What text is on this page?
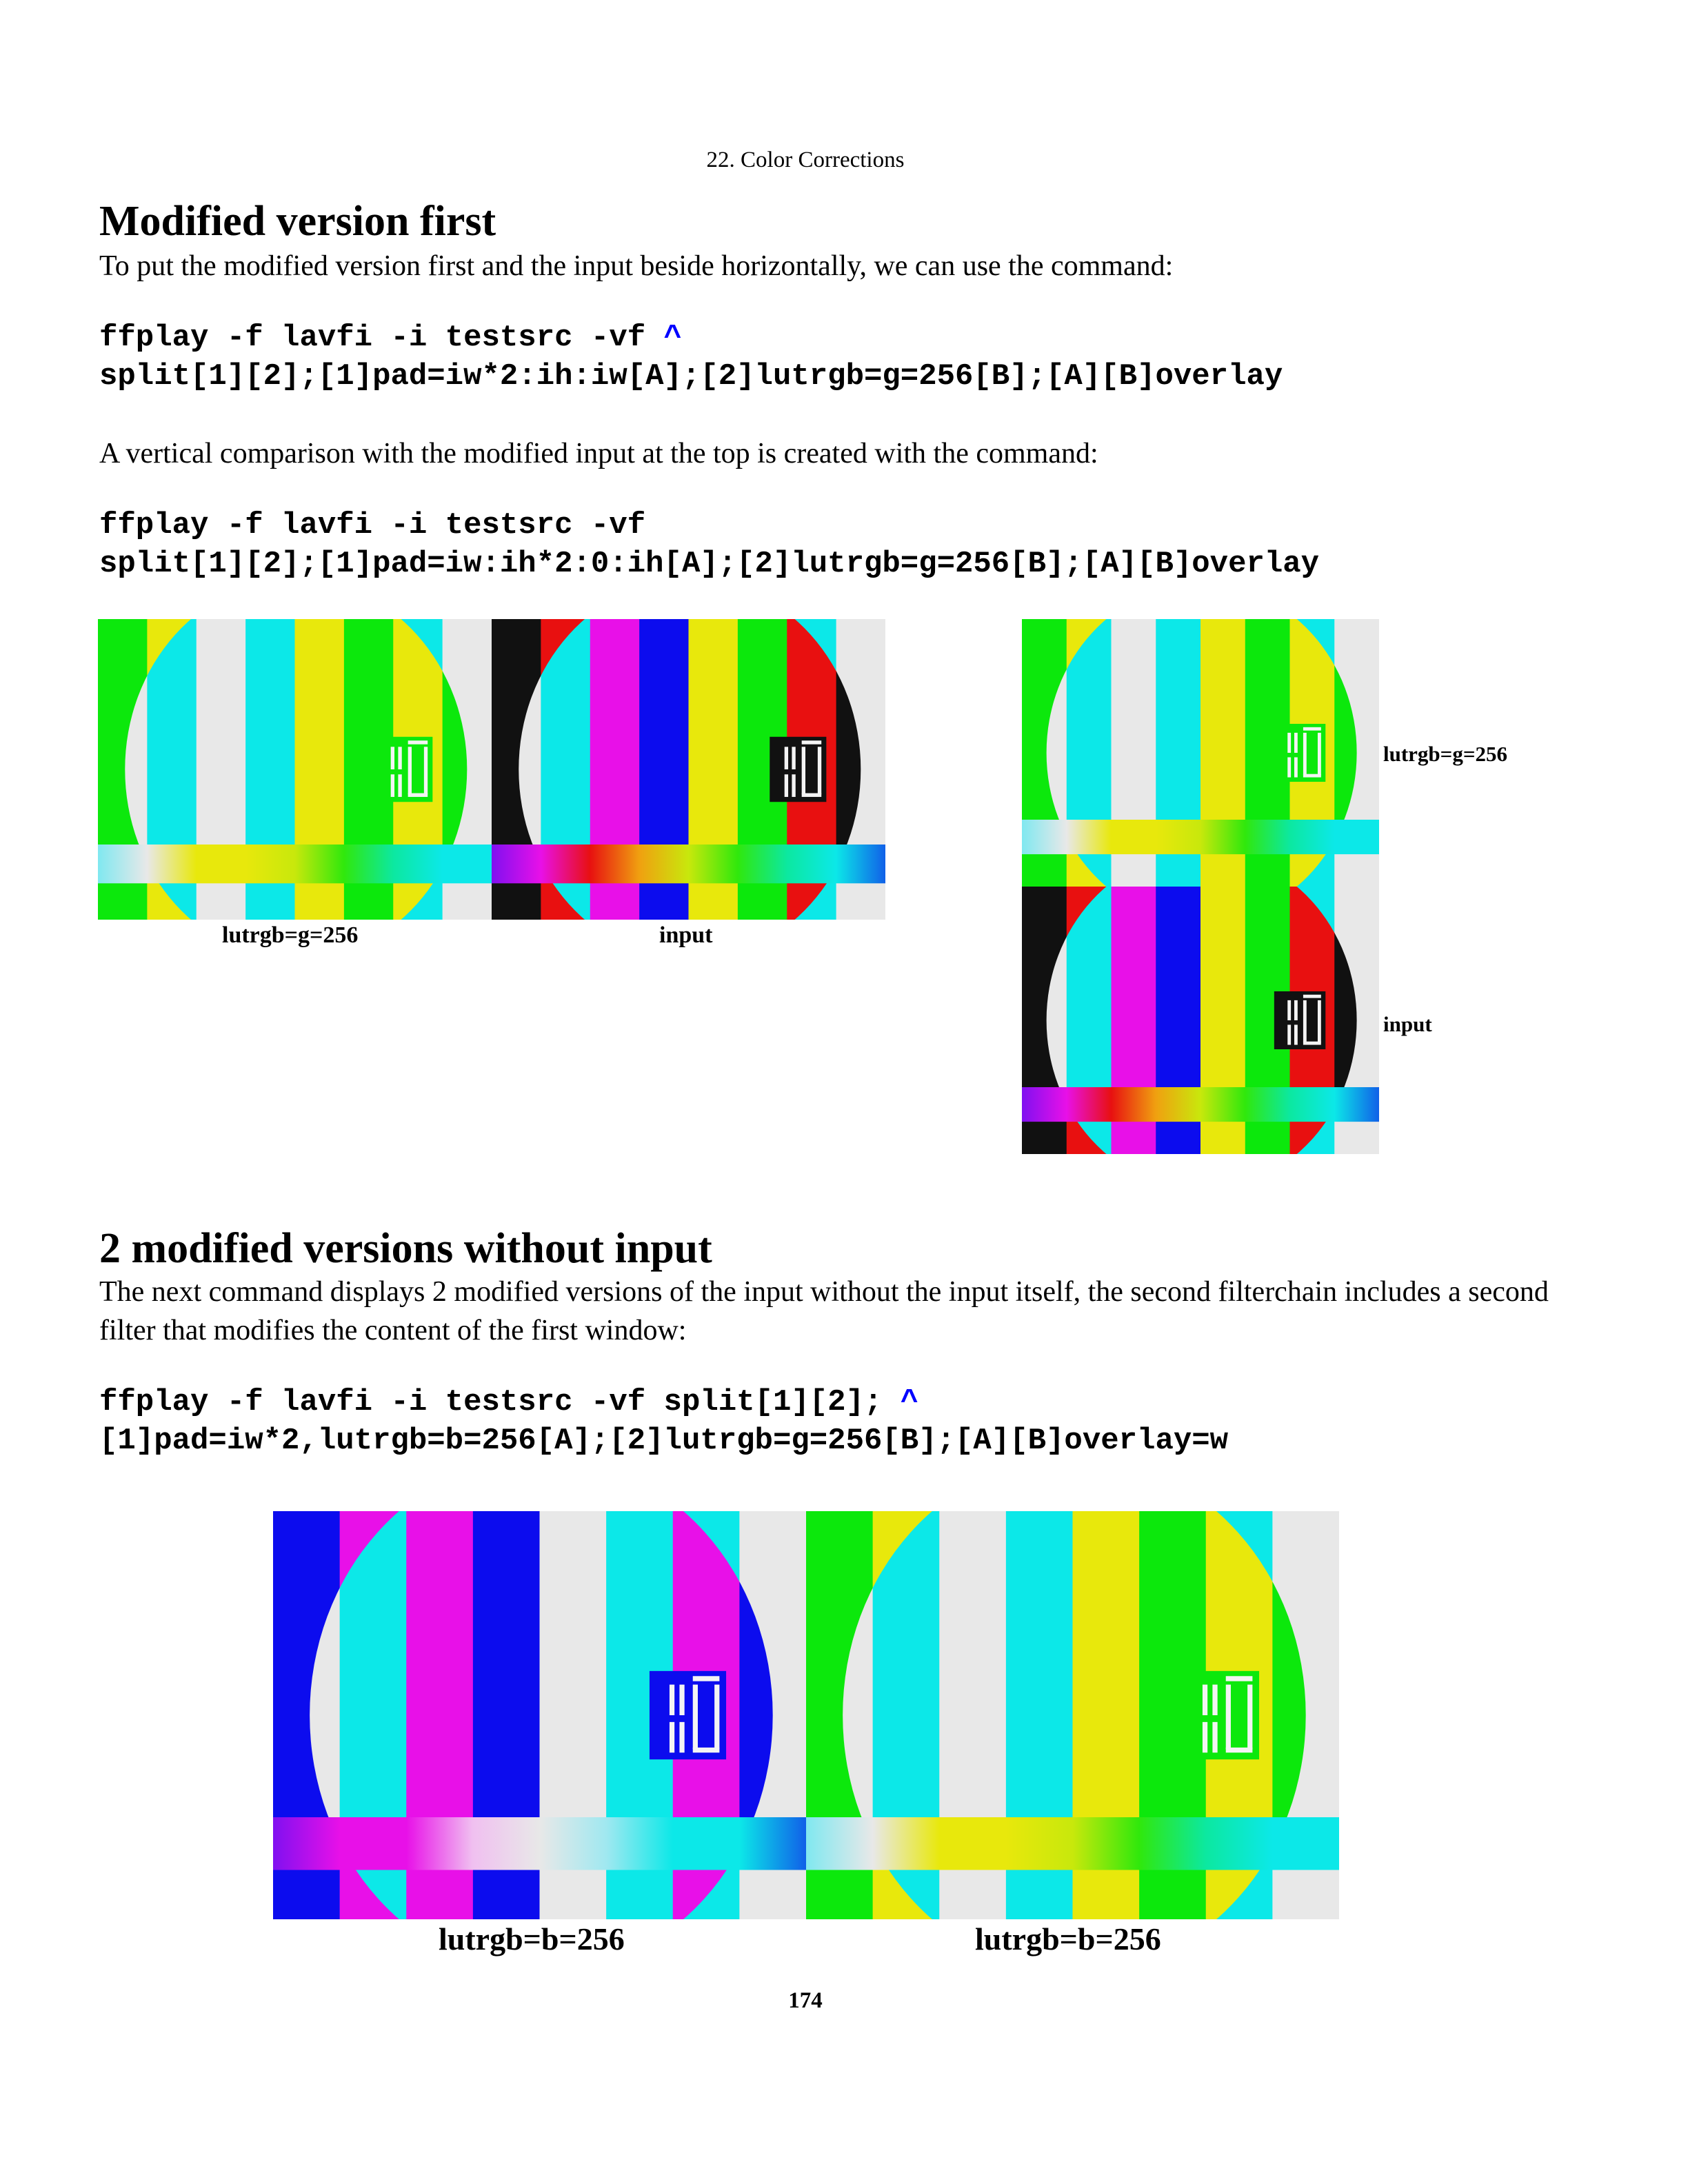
22. Color Corrections
Modified version first
To put the modified version first and the input beside horizontally, we can use the command:
ffplay -f lavfi -i testsrc -vf ^
split[1][2];[1]pad=iw*2:ih:iw[A];[2]lutrgb=g=256[B];[A][B]overlay
A vertical comparison with the modified input at the top is created with the command:
ffplay -f lavfi -i testsrc -vf
split[1][2];[1]pad=iw:ih*2:0:ih[A];[2]lutrgb=g=256[B];[A][B]overlay
lutrgb=g=256	input
lutrgb=g=256
input
2 modified versions without input
The next command displays 2 modified versions of the input without the input itself, the second filterchain includes a second filter that modifies the content of the first window:
ffplay -f lavfi -i testsrc -vf split[1][2]; ^
[1]pad=iw*2,lutrgb=b=256[A];[2]lutrgb=g=256[B];[A][B]overlay=w
lutrgb=b=256	lutrgb=b=256
174
